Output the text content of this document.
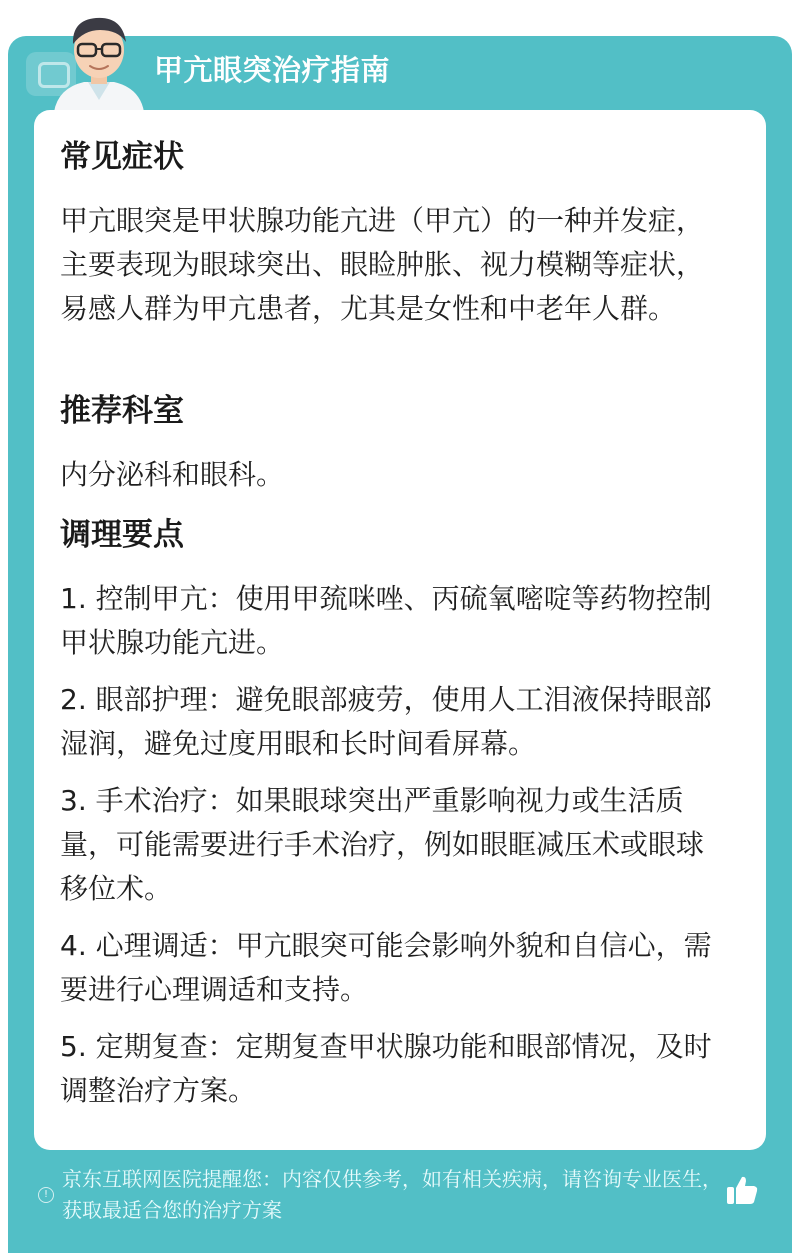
甲亢眼突治疗指南
常见症状

甲亢眼突是甲状腺功能亢进（甲亢）的一种并发症，主要表现为眼球突出、眼睑肿胀、视力模糊等症状，易感人群为甲亢患者，尤其是女性和中老年人群。

推荐科室

内分泌科和眼科。

调理要点

1. 控制甲亢：使用甲巯咪唑、丙硫氧嘧啶等药物控制甲状腺功能亢进。

2. 眼部护理：避免眼部疲劳，使用人工泪液保持眼部湿润，避免过度用眼和长时间看屏幕。

3. 手术治疗：如果眼球突出严重影响视力或生活质量，可能需要进行手术治疗，例如眼眶减压术或眼球移位术。

4. 心理调适：甲亢眼突可能会影响外貌和自信心，需要进行心理调适和支持。

5. 定期复查：定期复查甲状腺功能和眼部情况，及时调整治疗方案。

!
京东互联网医院提醒您：内容仅供参考，如有相关疾病，请咨询专业医生，获取最适合您的治疗方案
